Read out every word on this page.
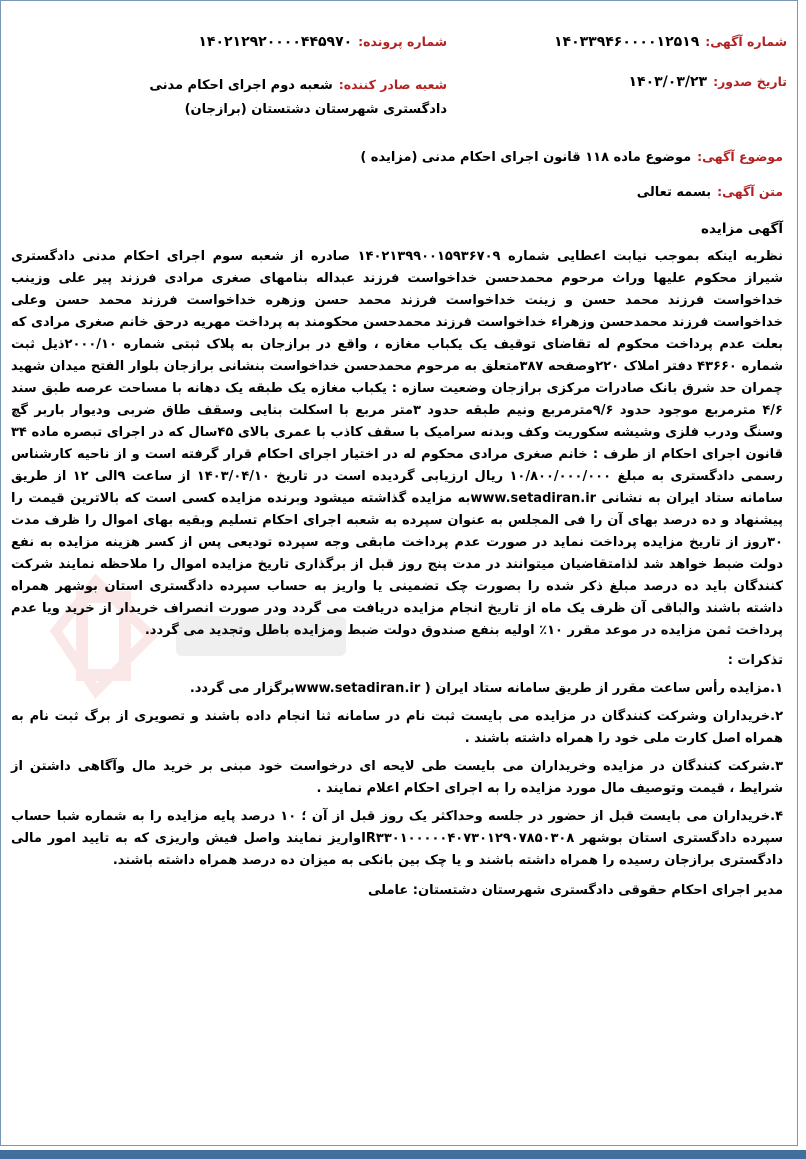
شماره آگهی:۱۴۰۳۳۹۴۶۰۰۰۰۱۲۵۱۹
شماره پرونده:۱۴۰۲۱۲۹۲۰۰۰۰۴۴۵۹۷۰
تاریخ صدور:۱۴۰۳/۰۳/۲۳
شعبه صادر کننده:شعبه دوم اجرای احکام مدنی دادگستری شهرستان دشتستان (برازجان)
موضوع آگهی:موضوع ماده ۱۱۸ قانون اجرای احکام مدنی (مزایده )
متن آگهی:بسمه تعالی
آگهی مزایده

نظربه اینکه بموجب نیابت اعطایی شماره ۱۴۰۲۱۳۹۹۰۰۱۵۹۳۶۷۰۹ صادره از شعبه سوم اجرای احکام مدنی دادگستری شیراز محکوم علیها وراث مرحوم محمدحسن خداخواست فرزند عبداله بنامهای صغری مرادی فرزند پیر علی وزینب خداخواست فرزند محمد حسن و زینت خداخواست فرزند محمد حسن وزهره خداخواست فرزند محمد حسن وعلی خداخواست فرزند محمدحسن وزهراء خداخواست فرزند محمدحسن محکومند به پرداخت مهریه درحق خانم صغری مرادی که بعلت عدم پرداخت محکوم له تقاضای توقیف یک یکباب مغازه ، واقع در برازجان به پلاک ثبتی شماره ۲۰۰۰/۱۰ذیل ثبت شماره ۴۳۶۶۰ دفتر املاک ۲۲۰وصفحه ۳۸۷متعلق به مرحوم محمدحسن خداخواست بنشانی برازجان بلوار الفتح میدان شهید چمران حد شرق بانک صادرات مرکزی برازجان وضعیت سازه : یکباب مغازه یک طبقه یک دهانه با مساحت عرصه طبق سند ۴/۶ مترمربع موجود حدود ۹/۶مترمربع ونیم طبقه حدود ۳متر مربع با اسکلت بنایی وسقف طاق ضربی ودیوار باربر گچ وسنگ ودرب فلزی وشیشه سکوریت وکف وبدنه سرامیک با سقف کاذب با عمری بالای ۴۵سال که در اجرای تبصره ماده ۳۴ قانون اجرای احکام از طرف : خانم صغری مرادی محکوم له در اختیار اجرای احکام قرار گرفته است و از ناحیه کارشناس رسمی دادگستری به مبلغ ۱۰/۸۰۰/۰۰۰/۰۰۰ ریال ارزیابی گردیده است در تاریخ ۱۴۰۳/۰۴/۱۰ از ساعت ۹الی ۱۲ از طریق سامانه ستاد ایران به نشانی www.setadiran.irبه مزایده گذاشته میشود وبرنده مزایده کسی است که بالاترین قیمت را پیشنهاد و ده درصد بهای آن را فی المجلس به عنوان سپرده به شعبه اجرای احکام تسلیم وبقیه بهای اموال را ظرف مدت ۳۰روز از تاریخ مزایده پرداخت نماید در صورت عدم پرداخت مابقی وجه سپرده تودیعی پس از کسر هزینه مزایده به نفع دولت ضبط خواهد شد لذامتقاضیان میتوانند در مدت پنج روز قبل از برگذاری تاریخ مزایده اموال را ملاحظه نمایند شرکت کنندگان باید ده درصد مبلغ ذکر شده را بصورت چک تضمینی یا واریز به حساب سپرده دادگستری استان بوشهر همراه داشته باشند والباقی آن ظرف یک ماه از تاریخ انجام مزایده دریافت می گردد ودر صورت انصراف خریدار از خرید ویا عدم پرداخت ثمن مزایده در موعد مقرر ۱۰٪ اولیه بنفع صندوق دولت ضبط ومزایده باطل وتجدید می گردد.

تذکرات :

۱.مزایده رأس ساعت مقرر از طریق سامانه ستاد ایران ( www.setadiran.irبرگزار می گردد.

۲.خریداران وشرکت کنندگان در مزایده می بایست ثبت نام در سامانه ثنا انجام داده باشند و تصویری از برگ ثبت نام به همراه اصل کارت ملی خود را همراه داشته باشند .

۳.شرکت کنندگان در مزایده وخریداران می بایست طی لایحه ای درخواست خود مبنی بر خرید مال وآگاهی داشتن از شرایط ، قیمت وتوصیف مال مورد مزایده را به اجرای احکام اعلام نمایند .

۴.خریداران می بایست قبل از حضور در جلسه وحداکثر یک روز قبل از آن ؛ ۱۰ درصد پایه مزایده را به شماره شبا حساب سپرده دادگستری استان بوشهر IR۳۳۰۱۰۰۰۰۰۴۰۷۳۰۱۲۹۰۷۸۵۰۳۰۸واریز نمایند واصل فیش واریزی که به تایید امور مالی دادگستری برازجان رسیده را همراه داشته باشند و یا چک بین بانکی به میزان ده درصد همراه داشته باشند.

مدیر اجرای احکام حقوقی دادگستری شهرستان دشتستان: عاملی
